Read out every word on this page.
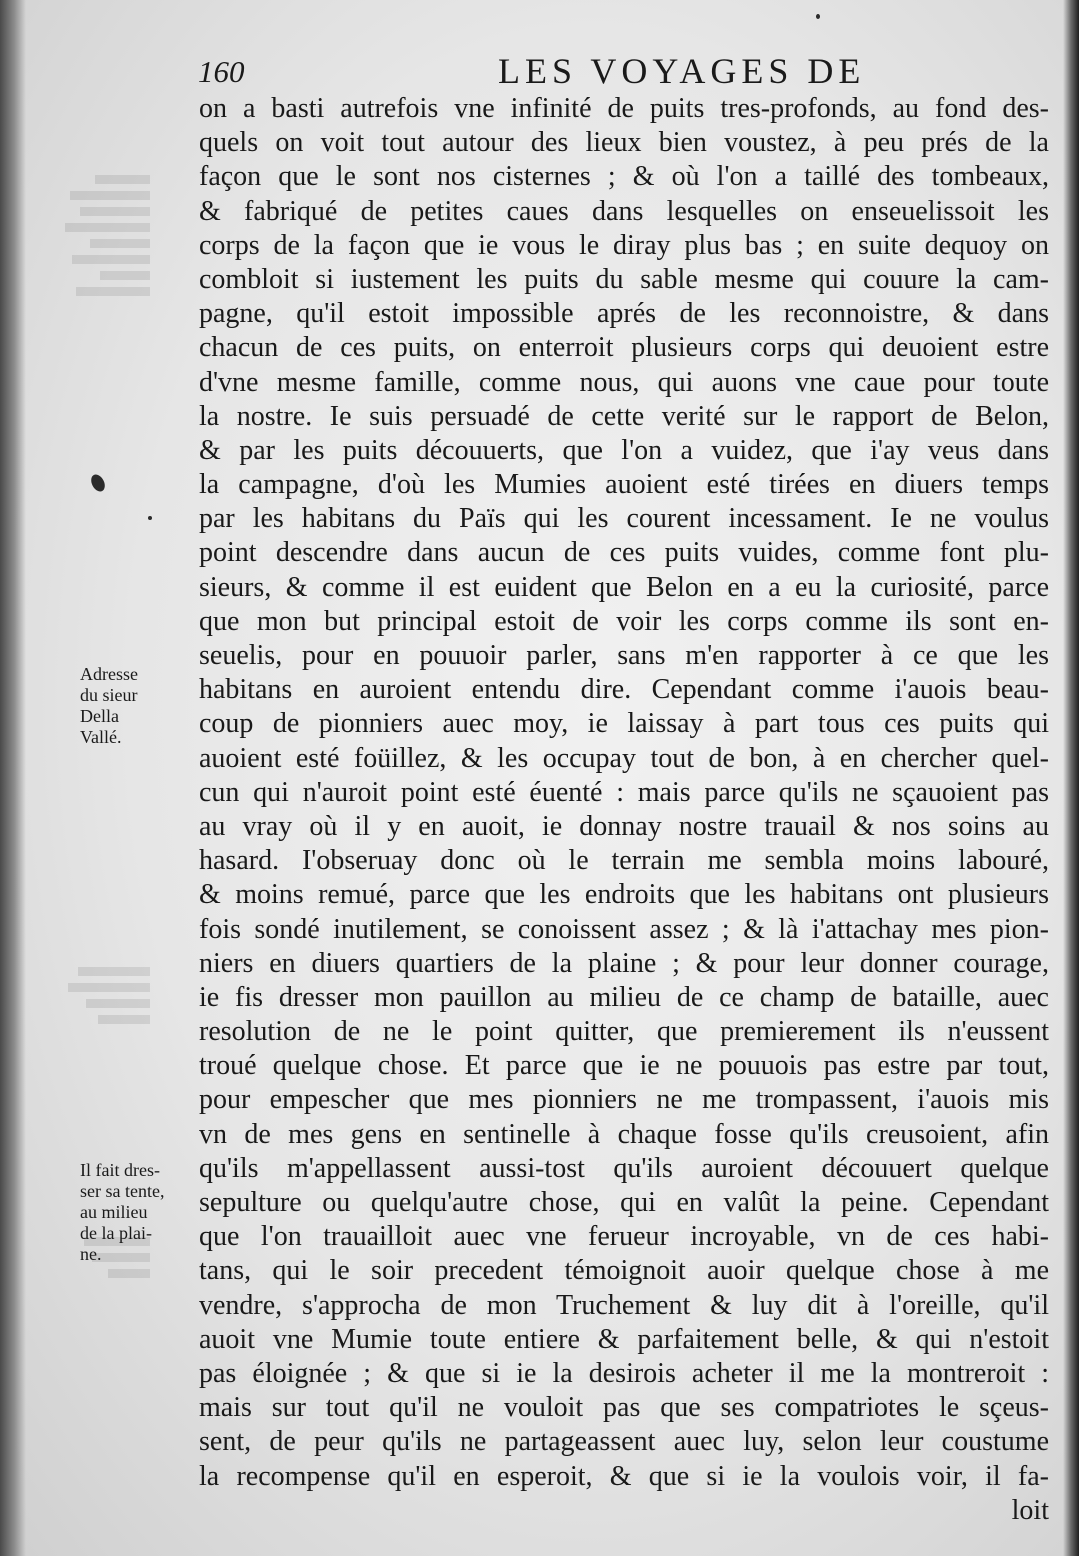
160	LES VOYAGES DE
on a basti autrefois vne infinité de puits tres-profonds, au fond des-
quels on voit tout autour des lieux bien voustez, à peu prés de la
façon que le sont nos cisternes ; & où l'on a taillé des tombeaux,
& fabriqué de petites caues dans lesquelles on enseuelissoit les
corps de la façon que ie vous le diray plus bas ; en suite dequoy on
combloit si iustement les puits du sable mesme qui couure la cam-
pagne, qu'il estoit impossible aprés de les reconnoistre, & dans
chacun de ces puits, on enterroit plusieurs corps qui deuoient estre
d'vne mesme famille, comme nous, qui auons vne caue pour toute
la nostre. Ie suis persuadé de cette verité sur le rapport de Belon,
& par les puits découuerts, que l'on a vuidez, que i'ay veus dans
la campagne, d'où les Mumies auoient esté tirées en diuers temps
par les habitans du Païs qui les courent incessament. Ie ne voulus
point descendre dans aucun de ces puits vuides, comme font plu-
sieurs, & comme il est euident que Belon en a eu la curiosité, parce
que mon but principal estoit de voir les corps comme ils sont en-
seuelis, pour en pouuoir parler, sans m'en rapporter à ce que les
habitans en auroient entendu dire. Cependant comme i'auois beau-
coup de pionniers auec moy, ie laissay à part tous ces puits qui
auoient esté foüillez, & les occupay tout de bon, à en chercher quel-
cun qui n'auroit point esté éuenté : mais parce qu'ils ne sçauoient pas
au vray où il y en auoit, ie donnay nostre trauail & nos soins au
hasard. I'obseruay donc où le terrain me sembla moins labouré,
& moins remué, parce que les endroits que les habitans ont plusieurs
fois sondé inutilement, se conoissent assez ; & là i'attachay mes pion-
niers en diuers quartiers de la plaine ; & pour leur donner courage,
ie fis dresser mon pauillon au milieu de ce champ de bataille, auec
resolution de ne le point quitter, que premierement ils n'eussent
troué quelque chose. Et parce que ie ne pouuois pas estre par tout,
pour empescher que mes pionniers ne me trompassent, i'auois mis
vn de mes gens en sentinelle à chaque fosse qu'ils creusoient, afin
qu'ils m'appellassent aussi-tost qu'ils auroient découuert quelque
sepulture ou quelqu'autre chose, qui en valût la peine. Cependant
que l'on trauailloit auec vne ferueur incroyable, vn de ces habi-
tans, qui le soir precedent témoignoit auoir quelque chose à me
vendre, s'approcha de mon Truchement & luy dit à l'oreille, qu'il
auoit vne Mumie toute entiere & parfaitement belle, & qui n'estoit
pas éloignée ; & que si ie la desirois acheter il me la montreroit :
mais sur tout qu'il ne vouloit pas que ses compatriotes le sçeus-
sent, de peur qu'ils ne partageassent auec luy, selon leur coustume
la recompense qu'il en esperoit, & que si ie la voulois voir, il fa-
loit
Adresse
du sieur
Della
Vallé.
Il fait dres-
ser sa tente,
au milieu
de la plai-
ne.
